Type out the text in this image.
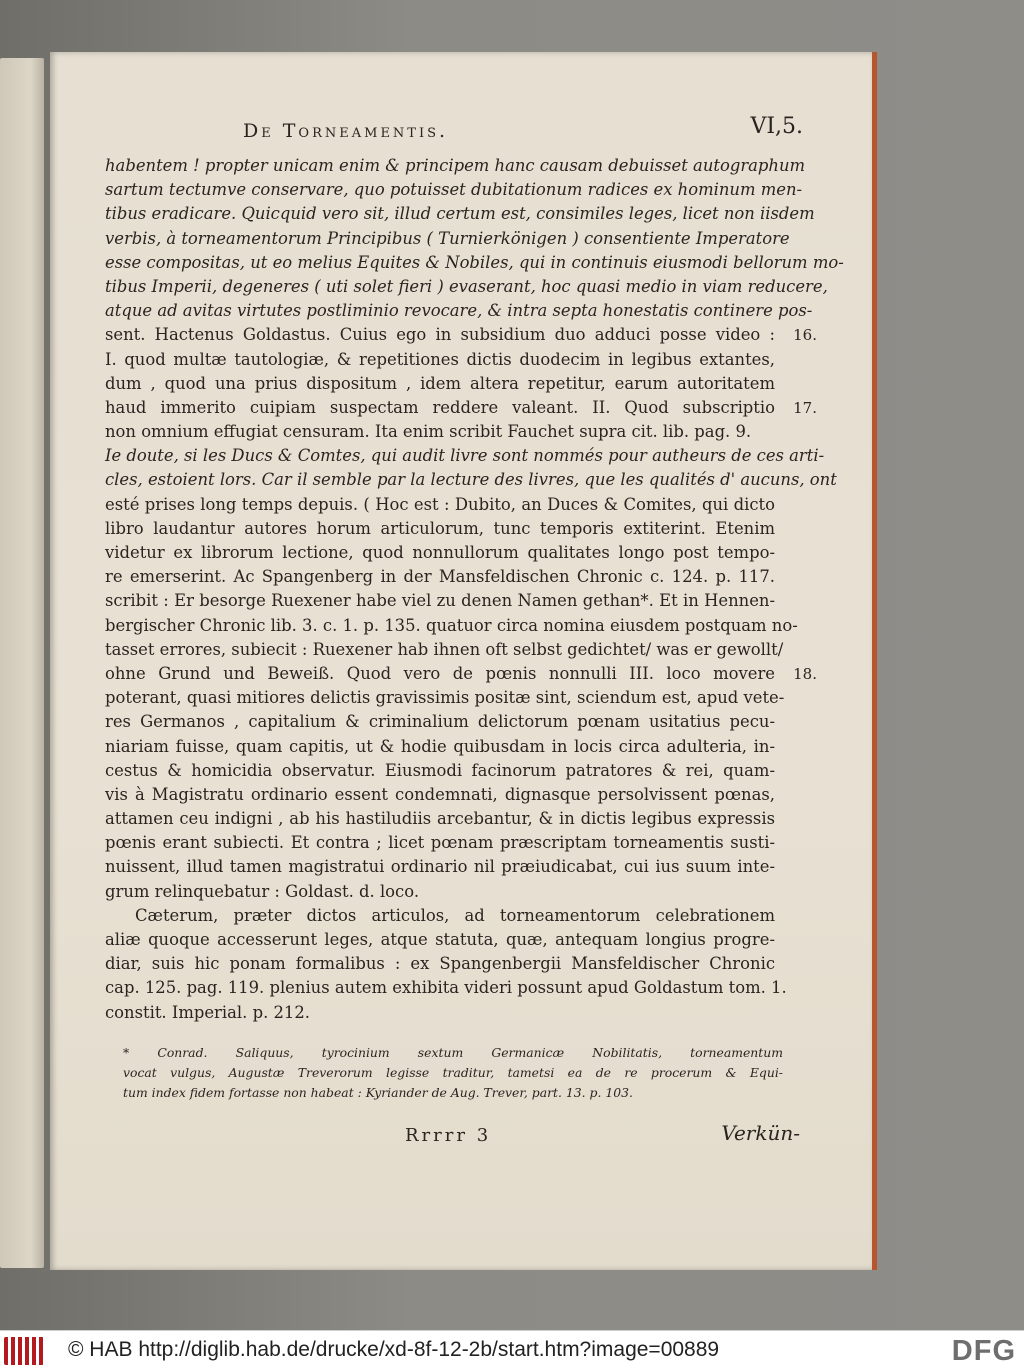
De Torneamentis.	VI,5.
habentem ! propter unicam enim & principem hanc causam debuisset autographum
sartum tectumve conservare, quo potuisset dubitationum radices ex hominum men-
tibus eradicare. Quicquid vero sit, illud certum est, consimiles leges, licet non iisdem
verbis, à torneamentorum Principibus ( Turnierkönigen ) consentiente Imperatore
esse compositas, ut eo melius Equites & Nobiles, qui in continuis eiusmodi bellorum mo-
tibus Imperii, degeneres ( uti solet fieri ) evaserant, hoc quasi medio in viam reducere,
atque ad avitas virtutes postliminio revocare, & intra septa honestatis continere pos-
sent. Hactenus Goldastus. Cuius ego in subsidium duo adduci posse video : 16.
I. quod multæ tautologiæ, & repetitiones dictis duodecim in legibus extantes,
dum , quod una prius dispositum , idem altera repetitur, earum autoritatem
haud immerito cuipiam suspectam reddere valeant. II. Quod subscriptio 17.
non omnium effugiat censuram. Ita enim scribit Fauchet supra cit. lib. pag. 9.
Ie doute, si les Ducs & Comtes, qui audit livre sont nommés pour autheurs de ces arti-
cles, estoient lors. Car il semble par la lecture des livres, que les qualités d' aucuns, ont
esté prises long temps depuis. ( Hoc est : Dubito, an Duces & Comites, qui dicto
libro laudantur autores horum articulorum, tunc temporis extiterint. Etenim
videtur ex librorum lectione, quod nonnullorum qualitates longo post tempo-
re emerserint. Ac Spangenberg in der Mansfeldischen Chronic c. 124. p. 117.
scribit : Er besorge Ruexener habe viel zu denen Namen gethan*. Et in Hennen-
bergischer Chronic lib. 3. c. 1. p. 135. quatuor circa nomina eiusdem postquam no-
tasset errores, subiecit : Ruexener hab ihnen oft selbst gedichtet/ was er gewollt/
ohne Grund und Beweiß. Quod vero de pœnis nonnulli III. loco movere 18.
poterant, quasi mitiores delictis gravissimis positæ sint, sciendum est, apud vete-
res Germanos , capitalium & criminalium delictorum pœnam usitatius pecu-
niariam fuisse, quam capitis, ut & hodie quibusdam in locis circa adulteria, in-
cestus & homicidia observatur. Eiusmodi facinorum patratores & rei, quam-
vis à Magistratu ordinario essent condemnati, dignasque persolvissent pœnas,
attamen ceu indigni , ab his hastiludiis arcebantur, & in dictis legibus expressis
pœnis erant subiecti. Et contra ; licet pœnam præscriptam torneamentis susti-
nuissent, illud tamen magistratui ordinario nil præiudicabat, cui ius suum inte-
grum relinquebatur : Goldast. d. loco.
Cæterum, præter dictos articulos, ad torneamentorum celebrationem
aliæ quoque accesserunt leges, atque statuta, quæ, antequam longius progre-
diar, suis hic ponam formalibus : ex Spangenbergii Mansfeldischer Chronic
cap. 125. pag. 119. plenius autem exhibita videri possunt apud Goldastum tom. 1.
constit. Imperial. p. 212.
* Conrad. Saliquus, tyrocinium sextum Germanicæ Nobilitatis, torneamentum
vocat vulgus, Augustæ Treverorum legisse traditur, tametsi ea de re procerum & Equi-
tum index fidem fortasse non habeat : Kyriander de Aug. Trever, part. 13. p. 103.
Rrrrr 3	Verkün-
© HAB http://diglib.hab.de/drucke/xd-8f-12-2b/start.htm?image=00889	DFG
